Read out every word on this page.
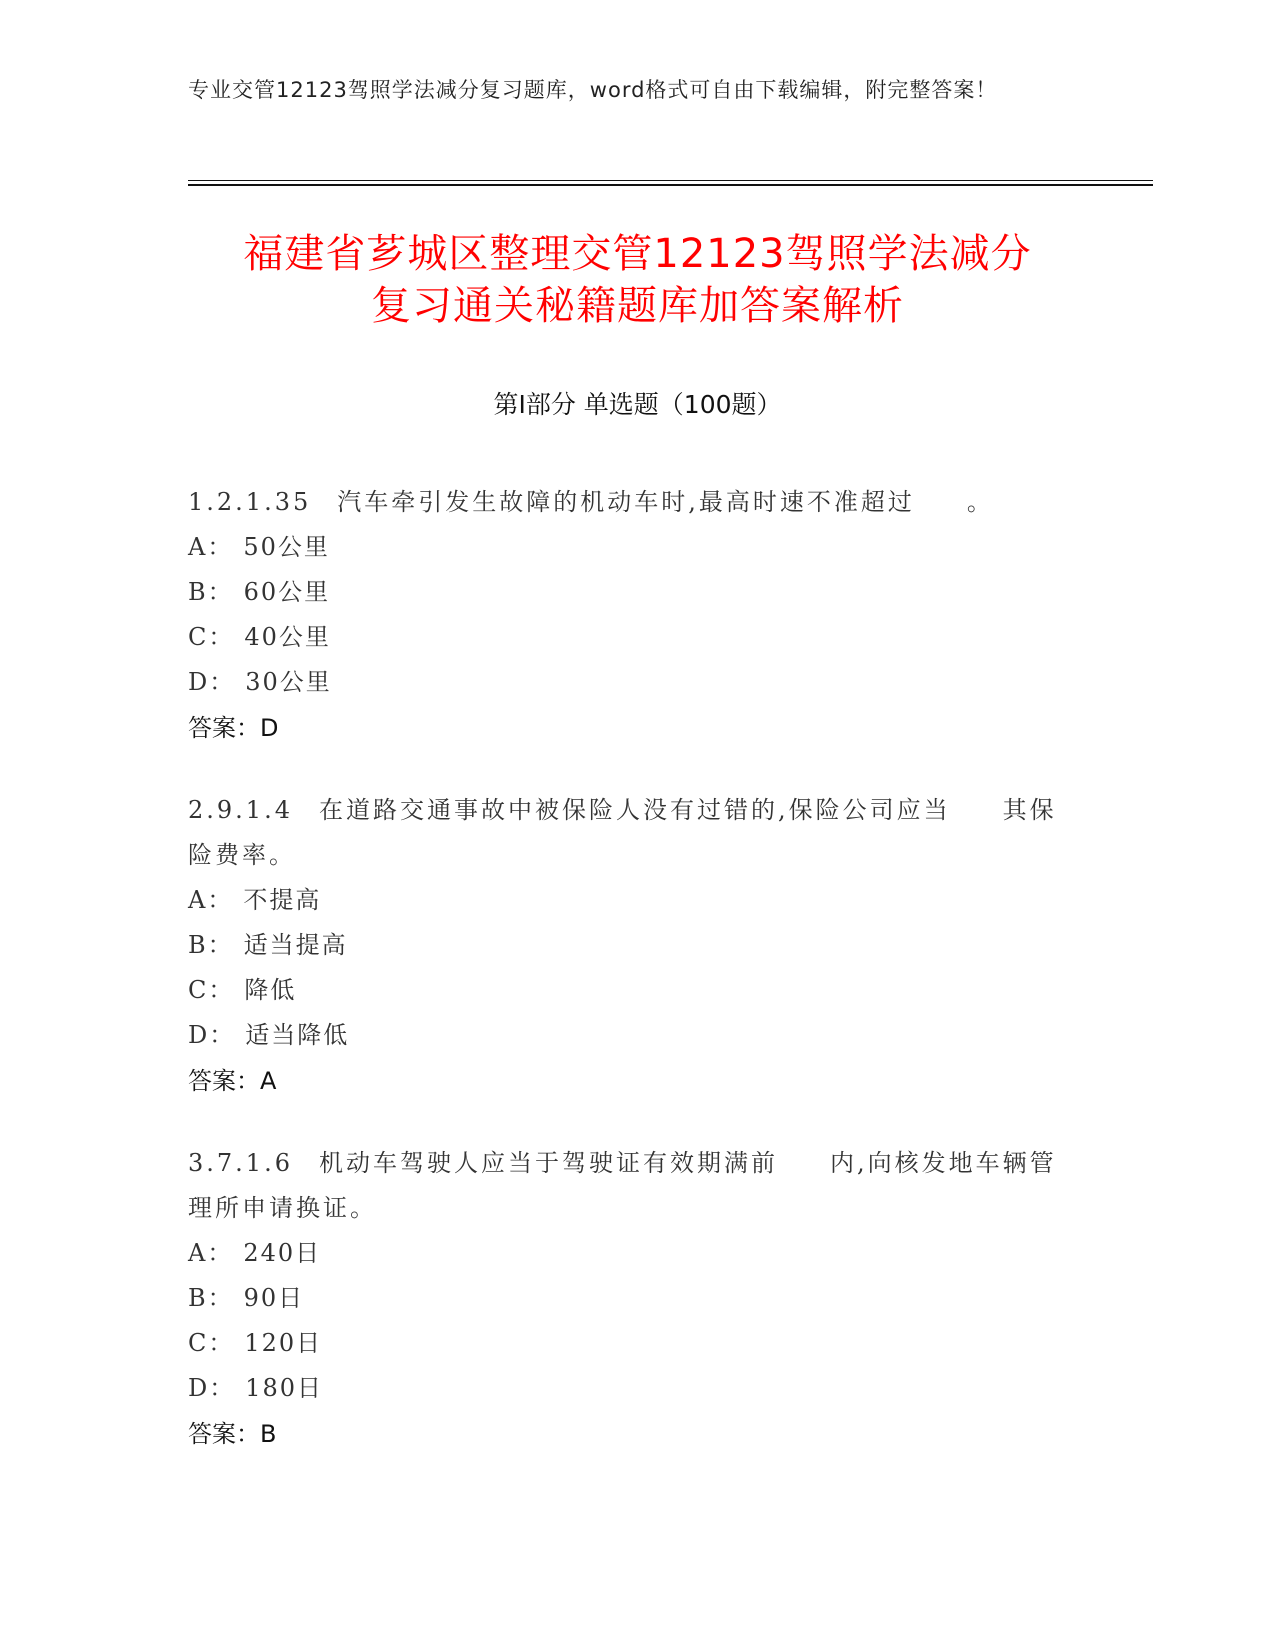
专业交管12123驾照学法减分复习题库，word格式可自由下载编辑，附完整答案！
福建省芗城区整理交管12123驾照学法减分
复习通关秘籍题库加答案解析
第Ⅰ部分 单选题（100题）

1.2.1.35 汽车牵引发生故障的机动车时,最高时速不准超过 。

A： 50公里

B： 60公里

C： 40公里

D： 30公里

答案：D

2.9.1.4 在道路交通事故中被保险人没有过错的,保险公司应当 其保险费率。

A： 不提高

B： 适当提高

C： 降低

D： 适当降低

答案：A

3.7.1.6 机动车驾驶人应当于驾驶证有效期满前 内,向核发地车辆管理所申请换证。

A： 240日

B： 90日

C： 120日

D： 180日

答案：B
